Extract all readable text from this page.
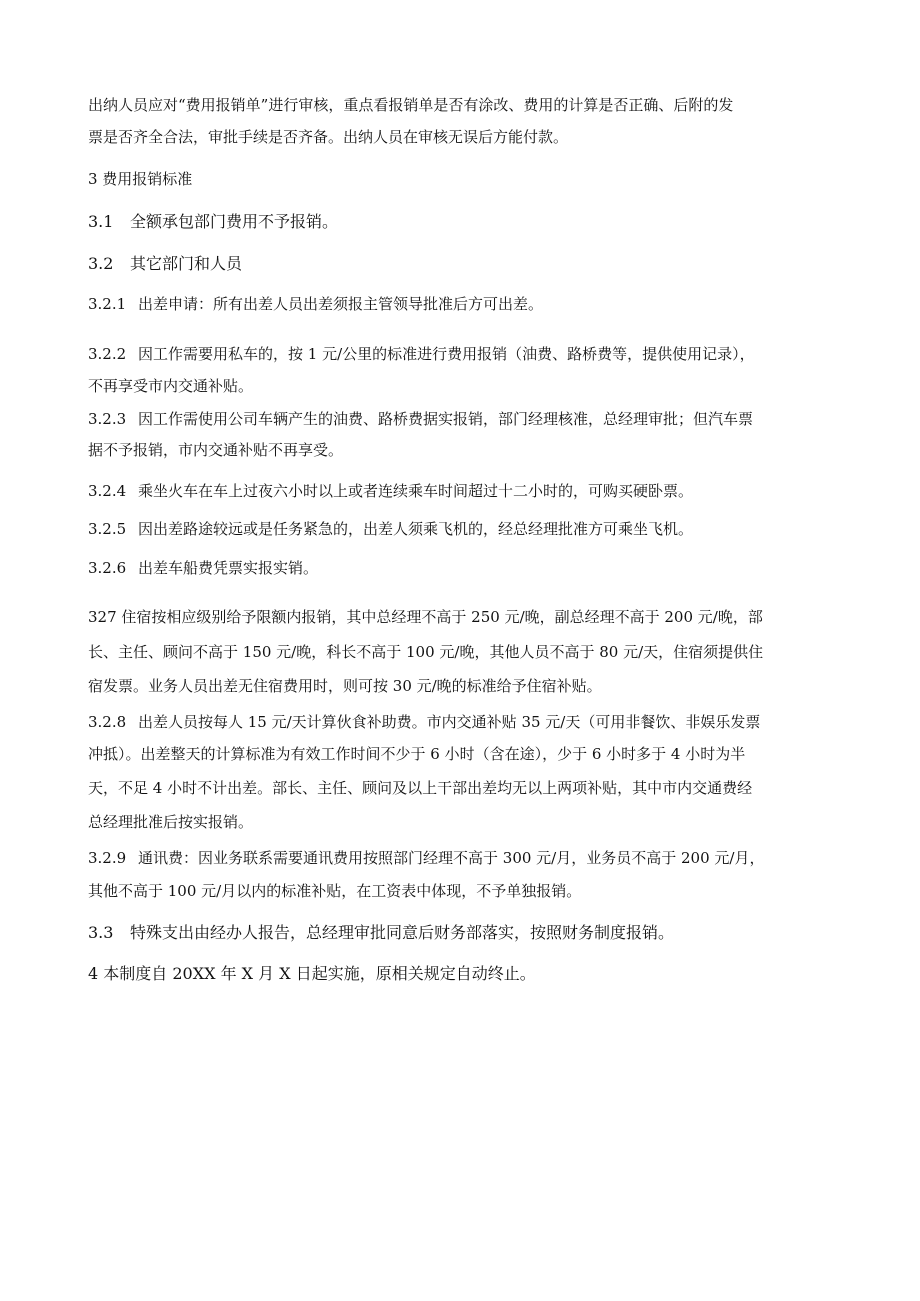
出纳人员应对“费用报销单”进行审核，重点看报销单是否有涂改、费用的计算是否正确、后附的发

票是否齐全合法，审批手续是否齐备。出纳人员在审核无误后方能付款。

3 费用报销标准

3.1 全额承包部门费用不予报销。

3.2 其它部门和人员

3.2.1 出差申请：所有出差人员出差须报主管领导批准后方可出差。

3.2.2 因工作需要用私车的，按 1 元/公里的标准进行费用报销（油费、路桥费等，提供使用记录），

不再享受市内交通补贴。

3.2.3 因工作需使用公司车辆产生的油费、路桥费据实报销，部门经理核准，总经理审批；但汽车票

据不予报销，市内交通补贴不再享受。

3.2.4 乘坐火车在车上过夜六小时以上或者连续乘车时间超过十二小时的，可购买硬卧票。

3.2.5 因出差路途较远或是任务紧急的，出差人须乘飞机的，经总经理批准方可乘坐飞机。

3.2.6 出差车船费凭票实报实销。

327 住宿按相应级别给予限额内报销，其中总经理不高于 250 元/晚，副总经理不高于 200 元/晚，部

长、主任、顾问不高于 150 元/晚，科长不高于 100 元/晚，其他人员不高于 80 元/天，住宿须提供住

宿发票。业务人员出差无住宿费用时，则可按 30 元/晚的标准给予住宿补贴。

3.2.8 出差人员按每人 15 元/天计算伙食补助费。市内交通补贴 35 元/天（可用非餐饮、非娱乐发票

冲抵）。出差整天的计算标准为有效工作时间不少于 6 小时（含在途），少于 6 小时多于 4 小时为半

天，不足 4 小时不计出差。部长、主任、顾问及以上干部出差均无以上两项补贴，其中市内交通费经

总经理批准后按实报销。

3.2.9 通讯费：因业务联系需要通讯费用按照部门经理不高于 300 元/月，业务员不高于 200 元/月，

其他不高于 100 元/月以内的标准补贴，在工资表中体现，不予单独报销。

3.3 特殊支出由经办人报告，总经理审批同意后财务部落实，按照财务制度报销。

4 本制度自 20XX 年 X 月 X 日起实施，原相关规定自动终止。
